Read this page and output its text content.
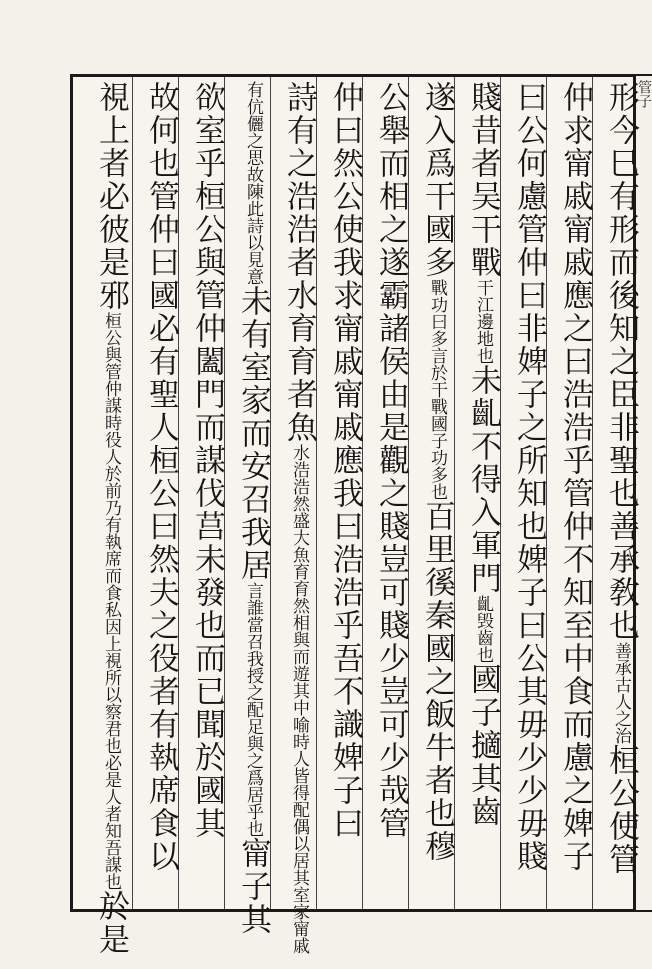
形今巳有形而後知之臣非聖也善承敎也善承古人之治桓公使管
仲求甯戚甯戚應之曰浩浩乎管仲不知至中食而慮之婢子
曰公何慮管仲曰非婢子之所知也婢子曰公其毋少少毋賤
賤昔者吴干戰干江邊地也未齓不得入軍門齓毁齒也國子擿其齒
遂入爲干國多戰功曰多言於干戰國子功多也百里徯秦國之飯牛者也穆
公舉而相之遂霸諸侯由是觀之賤豈可賤少豈可少哉管
仲曰然公使我求甯戚甯戚應我曰浩浩乎吾不識婢子曰
詩有之浩浩者水育育者魚水浩浩然盛大魚育育然相與而遊其中喻時人皆得配偶以居其室家甯戚
有伉儷之思故陳此詩以見意未有室家而安召我居言誰當召我授之配足與之爲居乎也甯子其
欲室乎桓公與管仲闔門而謀伐莒未發也而已聞於國其
故何也管仲曰國必有聖人桓公曰然夫之役者有執席食以
視上者必彼是邪桓公與管仲謀時役人於前乃有執席而食私因上視所以察君也必是人者知吾謀也於是
管子
